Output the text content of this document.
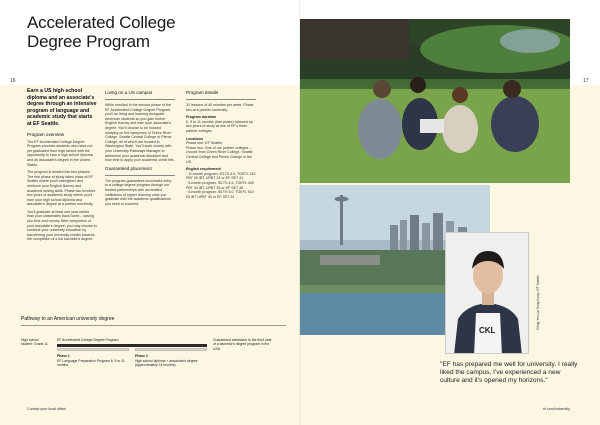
Accelerated College
Degree Program
16	17
Earn a US high school diploma and an associate's degree through an intensive program of language and academic study that starts at EF Seattle.
Program overview
The EF Accelerated College Degree Program provides students who have not yet graduated from high school with the opportunity to earn a high school diploma and an associate's degree in the United States.
The program is divided into two phases: The first phase of study takes place at EF Seattle where you'll strengthen and reinforce your English fluency and academic writing skills. Phase two involves two years of academic study where you'll earn your high school diploma and associate's degree at a partner university.
You'll graduate at least one year earlier than your classmates back home – saving you time and money. After completion of your associate's degree, you may choose to continue your university education by transferring your university credits towards the completion of a full bachelor's degree.
Living on a US campus
While enrolled in the second phase of the EF Accelerated College Degree Program, you'll be living and learning alongside American students so you gain further English fluency and earn your associate's degree. You'll choose to be housed studying on the campuses of Green River College, Seattle Central College or Pierce College, all of which are located in Washington State. You'll work closely with your University Pathways Manager to determine your academic discipline and how best to apply your academic credit hits.
Guaranteed placement
The program guarantees successful entry to a college degree program through our trusted partnerships with accredited institutions of higher learning once you graduate with the academic qualifications you need to succeed.
Program details
32 lessons of 40 minutes per week. Phase two at a partner university.
Program duration
6, 9 or 11 months (first phase) followed by two years of study at one of EF's three partner colleges.
Locations
Phase one: EF Seattle
Phase two: One of our partner colleges – choose from Green River College, Seattle Central College and Pierce College in the US.
English requirement
· 11-month program: IELTS 4.0, TOEFL 243 PBT 26 iBT, UPBT 24 or EF SET 41
· 9-month program: IELTS 4.5, TOEFL 400 PBT 34 iBT, UPBT 35 or EF SET 46
· 6-month program: IELTS 5.0, TOEFL 510 63 iBT UPBT 45 or EF SET 51
Pathway to an American university degree
High school student: Grade 11
EF Accelerated College Degree Program
Phase 1
EF Language Preparation Program 6, 9 or 11 months
Phase 2
High school diploma + associate's degree (Approximately 24 months)
Guaranteed admission to the third year of a bachelor's degree program in the USA
Contact your local office!	ef.com/university
CKL
Ching-Yeu Lai Hong Kong • EF Seattle
"EF has prepared me well for university. I really liked the campus, I've experienced a new culture and it's opened my horizons."
